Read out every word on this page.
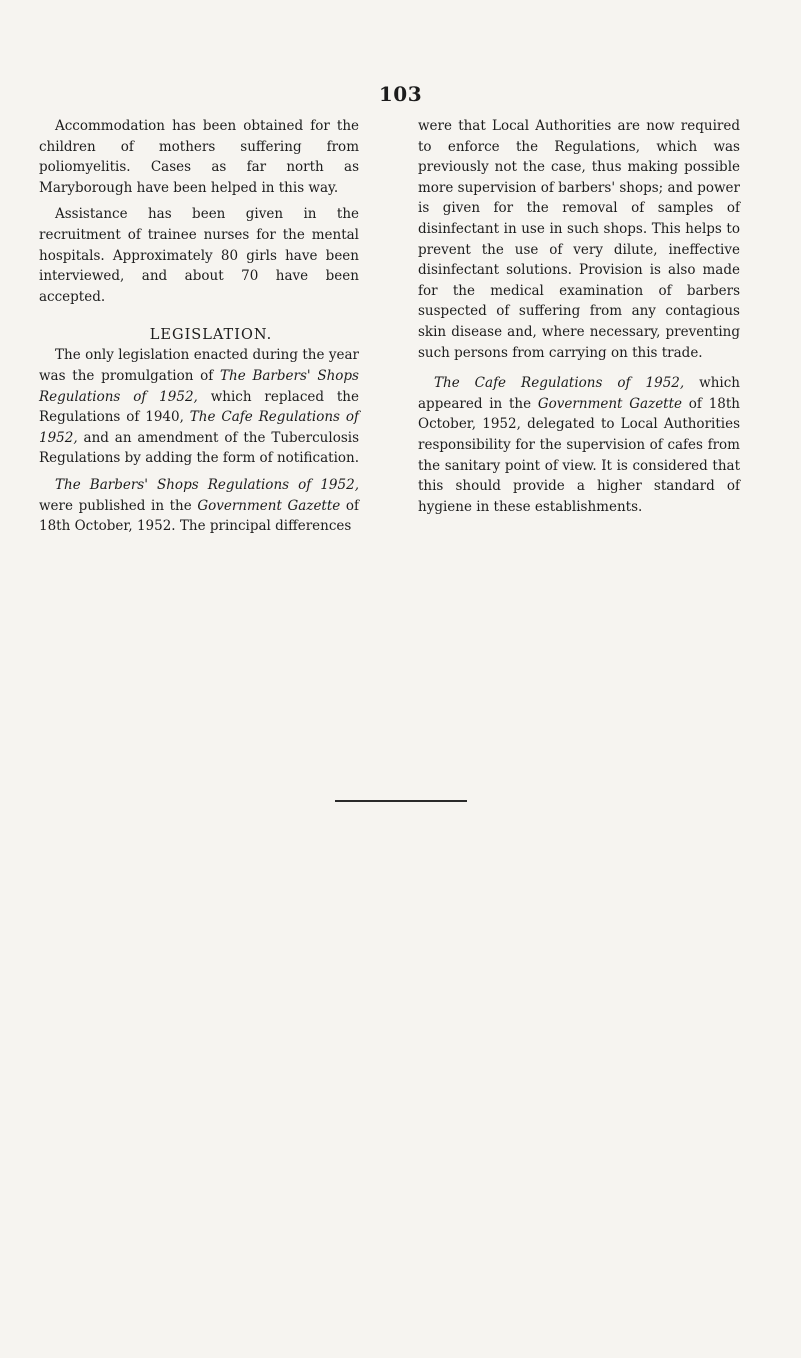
103

Accommodation has been obtained for the children of mothers suffering from poliomyelitis. Cases as far north as Maryborough have been helped in this way.

Assistance has been given in the recruitment of trainee nurses for the mental hospitals. Approximately 80 girls have been interviewed, and about 70 have been accepted.

LEGISLATION.

The only legislation enacted during the year was the promulgation of The Barbers' Shops Regulations of 1952, which replaced the Regulations of 1940, The Cafe Regulations of 1952, and an amendment of the Tuberculosis Regulations by adding the form of notification.

The Barbers' Shops Regulations of 1952, were published in the Government Gazette of 18th October, 1952. The principal differences

were that Local Authorities are now required to enforce the Regulations, which was previously not the case, thus making possible more supervision of barbers' shops; and power is given for the removal of samples of disinfectant in use in such shops. This helps to prevent the use of very dilute, ineffective disinfectant solutions. Provision is also made for the medical examination of barbers suspected of suffering from any contagious skin disease and, where necessary, preventing such persons from carrying on this trade.

The Cafe Regulations of 1952, which appeared in the Government Gazette of 18th October, 1952, delegated to Local Authorities responsibility for the supervision of cafes from the sanitary point of view. It is considered that this should provide a higher standard of hygiene in these establishments.
